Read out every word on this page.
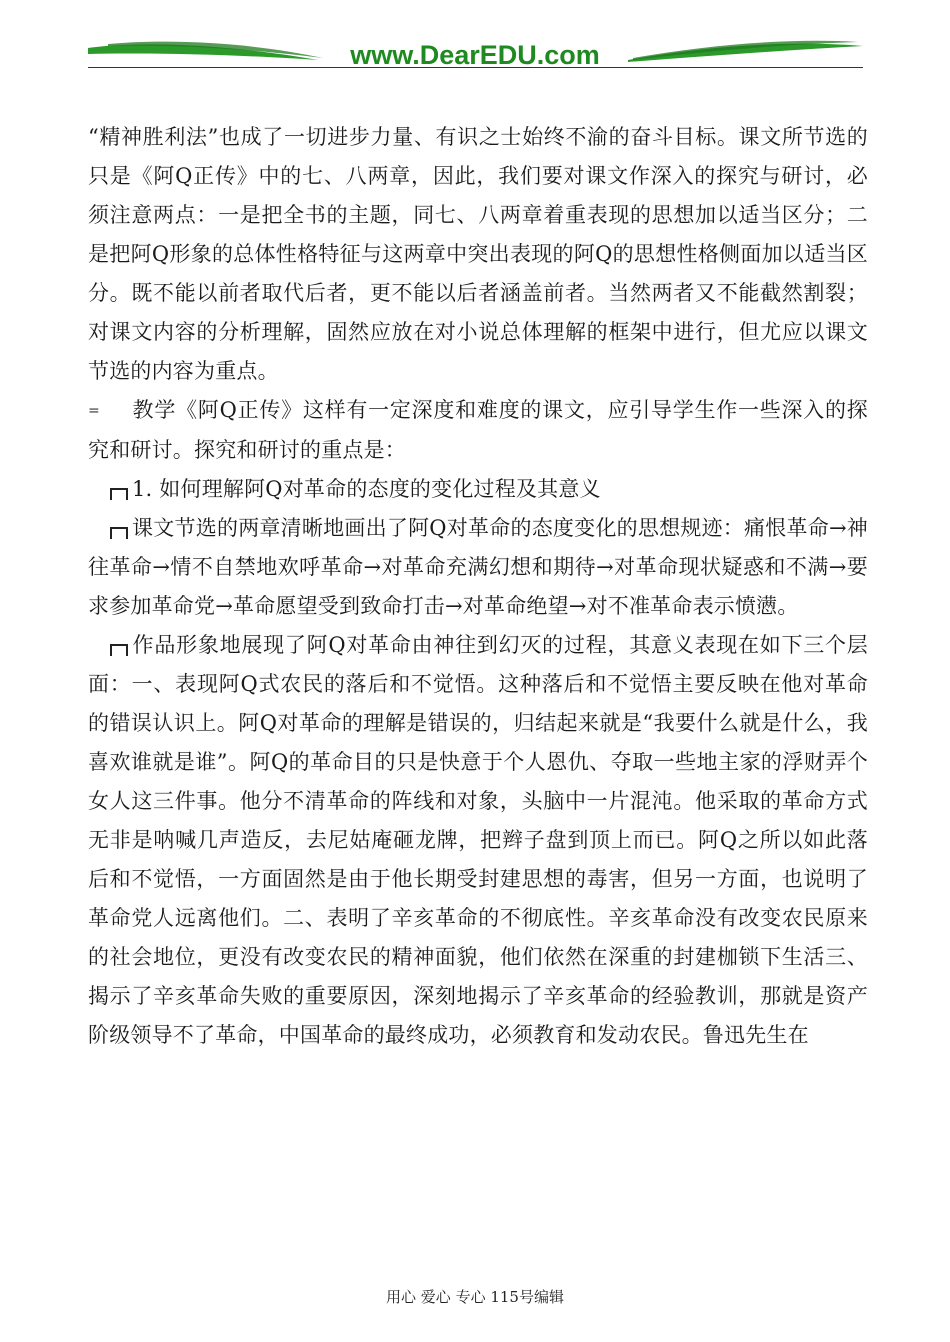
www.DearEDU.com

“精神胜利法”也成了一切进步力量、有识之士始终不渝的奋斗目标。课文所节选的只是《阿Q正传》中的七、八两章，因此，我们要对课文作深入的探究与研讨，必须注意两点：一是把全书的主题，同七、八两章着重表现的思想加以适当区分；二是把阿Q形象的总体性格特征与这两章中突出表现的阿Q的思想性格侧面加以适当区分。既不能以前者取代后者，更不能以后者涵盖前者。当然两者又不能截然割裂；对课文内容的分析理解，固然应放在对小说总体理解的框架中进行，但尤应以课文节选的内容为重点。

= 教学《阿Q正传》这样有一定深度和难度的课文，应引导学生作一些深入的探究和研讨。探究和研讨的重点是：

1. 如何理解阿Q对革命的态度的变化过程及其意义

课文节选的两章清晰地画出了阿Q对革命的态度变化的思想规迹：痛恨革命→神往革命→情不自禁地欢呼革命→对革命充满幻想和期待→对革命现状疑惑和不满→要求参加革命党→革命愿望受到致命打击→对革命绝望→对不准革命表示愤懑。

作品形象地展现了阿Q对革命由神往到幻灭的过程，其意义表现在如下三个层面：一、表现阿Q式农民的落后和不觉悟。这种落后和不觉悟主要反映在他对革命的错误认识上。阿Q对革命的理解是错误的，归结起来就是“我要什么就是什么，我喜欢谁就是谁”。阿Q的革命目的只是快意于个人恩仇、夺取一些地主家的浮财弄个女人这三件事。他分不清革命的阵线和对象，头脑中一片混沌。他采取的革命方式无非是呐喊几声造反，去尼姑庵砸龙牌，把辫子盘到顶上而已。阿Q之所以如此落后和不觉悟，一方面固然是由于他长期受封建思想的毒害，但另一方面，也说明了革命党人远离他们。二、表明了辛亥革命的不彻底性。辛亥革命没有改变农民原来的社会地位，更没有改变农民的精神面貌，他们依然在深重的封建枷锁下生活三、揭示了辛亥革命失败的重要原因，深刻地揭示了辛亥革命的经验教训，那就是资产阶级领导不了革命，中国革命的最终成功，必须教育和发动农民。鲁迅先生在

用心 爱心 专心 115号编辑
